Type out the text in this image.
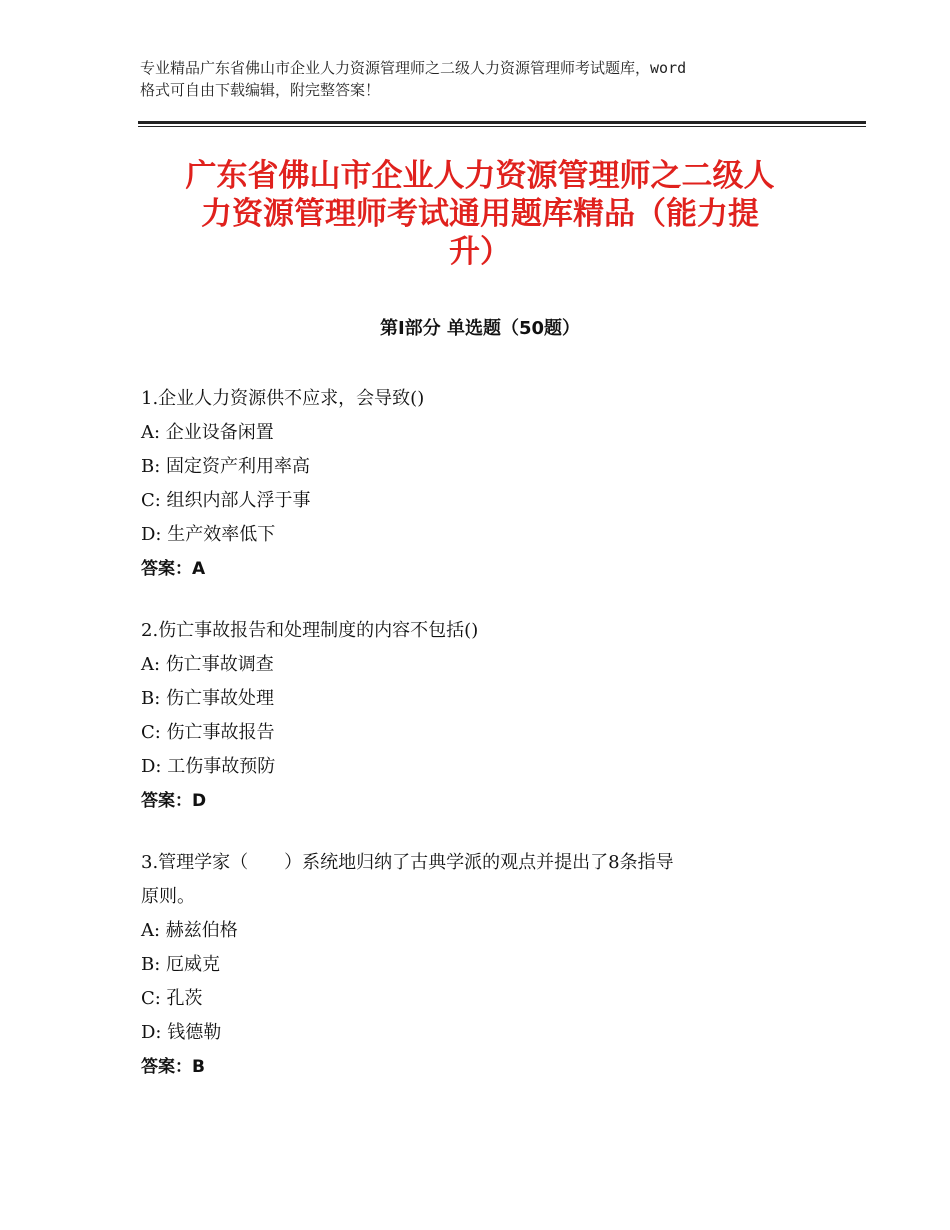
专业精品广东省佛山市企业人力资源管理师之二级人力资源管理师考试题库，word
格式可自由下载编辑，附完整答案！
广东省佛山市企业人力资源管理师之二级人
力资源管理师考试通用题库精品（能力提
升）
第Ⅰ部分 单选题（50题）
1.企业人力资源供不应求，会导致()
A: 企业设备闲置
B: 固定资产利用率高
C: 组织内部人浮于事
D: 生产效率低下
答案：A
2.伤亡事故报告和处理制度的内容不包括()
A: 伤亡事故调查
B: 伤亡事故处理
C: 伤亡事故报告
D: 工伤事故预防
答案：D
3.管理学家（　　）系统地归纳了古典学派的观点并提出了8条指导
原则。
A: 赫兹伯格
B: 厄威克
C: 孔茨
D: 钱德勒
答案：B
